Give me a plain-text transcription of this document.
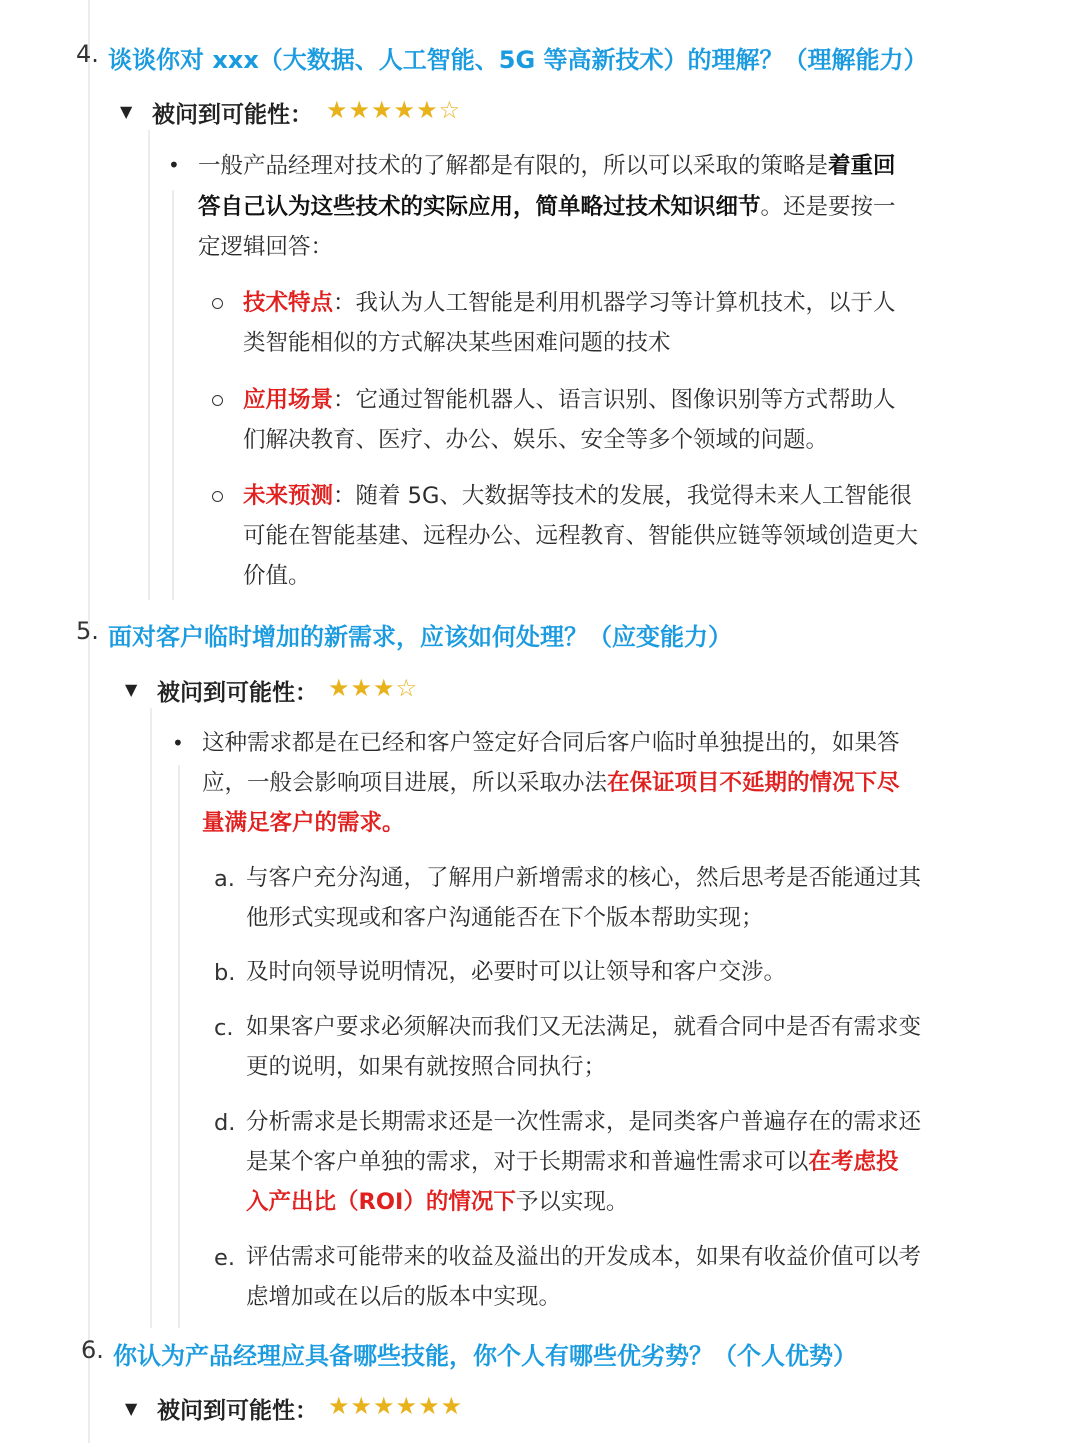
4. 谈谈你对 xxx（大数据、人工智能、5G 等高新技术）的理解？（理解能力）
▼ 被问到可能性： ★★★★★☆
• 一般产品经理对技术的了解都是有限的，所以可以采取的策略是着重回
答自己认为这些技术的实际应用，简单略过技术知识细节。还是要按一
定逻辑回答：
技术特点：我认为人工智能是利用机器学习等计算机技术，以于人
类智能相似的方式解决某些困难问题的技术
应用场景：它通过智能机器人、语言识别、图像识别等方式帮助人
们解决教育、医疗、办公、娱乐、安全等多个领域的问题。
未来预测：随着 5G、大数据等技术的发展，我觉得未来人工智能很
可能在智能基建、远程办公、远程教育、智能供应链等领域创造更大
价值。
5. 面对客户临时增加的新需求，应该如何处理？（应变能力）
▼ 被问到可能性： ★★★☆
• 这种需求都是在已经和客户签定好合同后客户临时单独提出的，如果答
应，一般会影响项目进展，所以采取办法在保证项目不延期的情况下尽
量满足客户的需求。
a. 与客户充分沟通，了解用户新增需求的核心，然后思考是否能通过其
他形式实现或和客户沟通能否在下个版本帮助实现；
b. 及时向领导说明情况，必要时可以让领导和客户交涉。
c. 如果客户要求必须解决而我们又无法满足，就看合同中是否有需求变
更的说明，如果有就按照合同执行；
d. 分析需求是长期需求还是一次性需求，是同类客户普遍存在的需求还
是某个客户单独的需求，对于长期需求和普遍性需求可以在考虑投
入产出比（ROI）的情况下予以实现。
e. 评估需求可能带来的收益及溢出的开发成本，如果有收益价值可以考
虑增加或在以后的版本中实现。
6. 你认为产品经理应具备哪些技能，你个人有哪些优劣势？（个人优势）
▼ 被问到可能性： ★★★★★★
